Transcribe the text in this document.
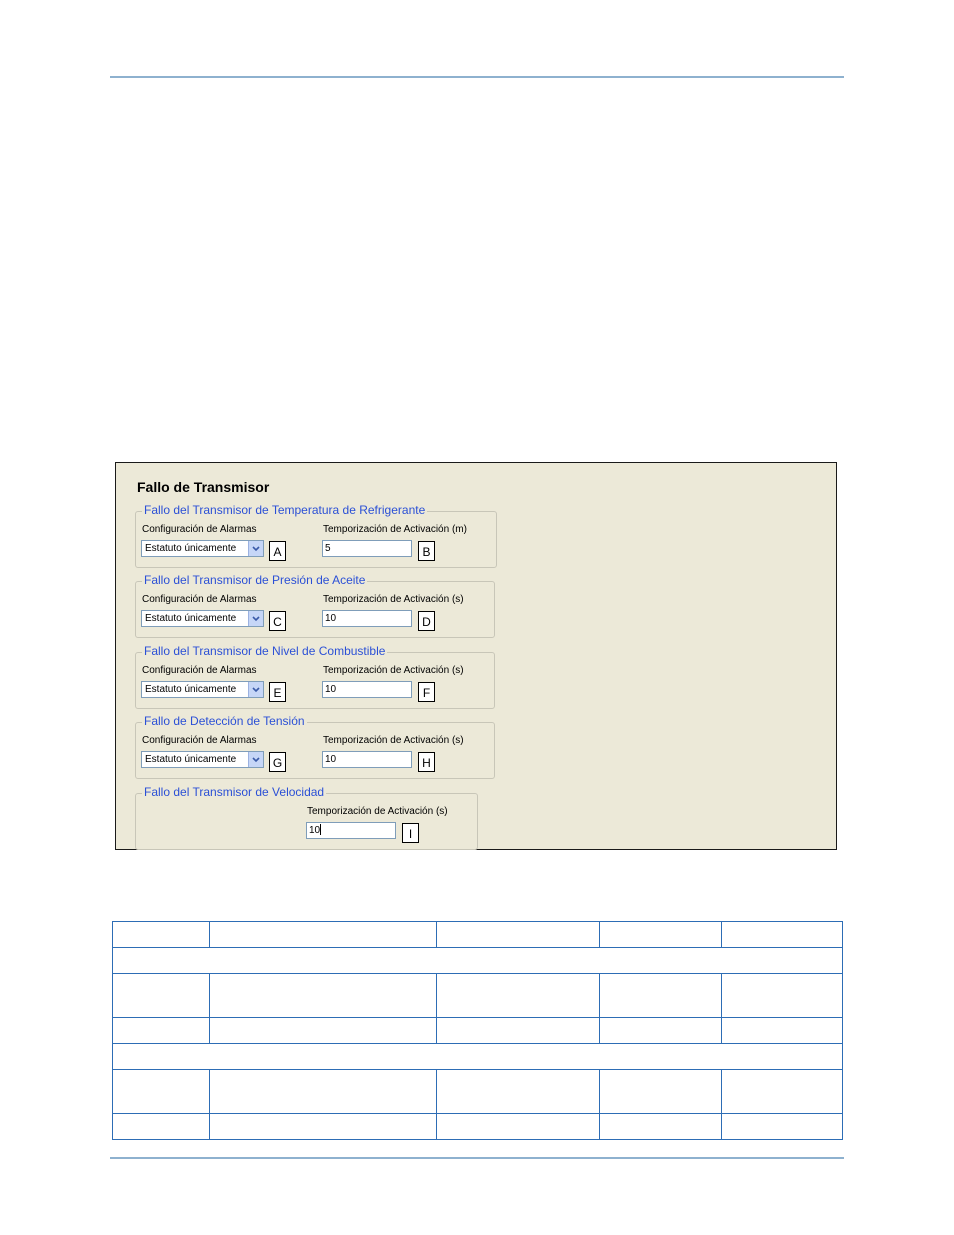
Fallo de Transmisor
Fallo del Transmisor de Temperatura de Refrigerante
Configuración de Alarmas
Estatuto únicamente	A
Temporización de Activación (m)
5	B
Fallo del Transmisor de Presión de Aceite
Configuración de Alarmas
Estatuto únicamente	C
Temporización de Activación (s)
10	D
Fallo del Transmisor de Nivel de Combustible
Configuración de Alarmas
Estatuto únicamente	E
Temporización de Activación (s)
10	F
Fallo de Detección de Tensión
Configuración de Alarmas
Estatuto únicamente	G
Temporización de Activación (s)
10	H
Fallo del Transmisor de Velocidad
Temporización de Activación (s)
10	I
